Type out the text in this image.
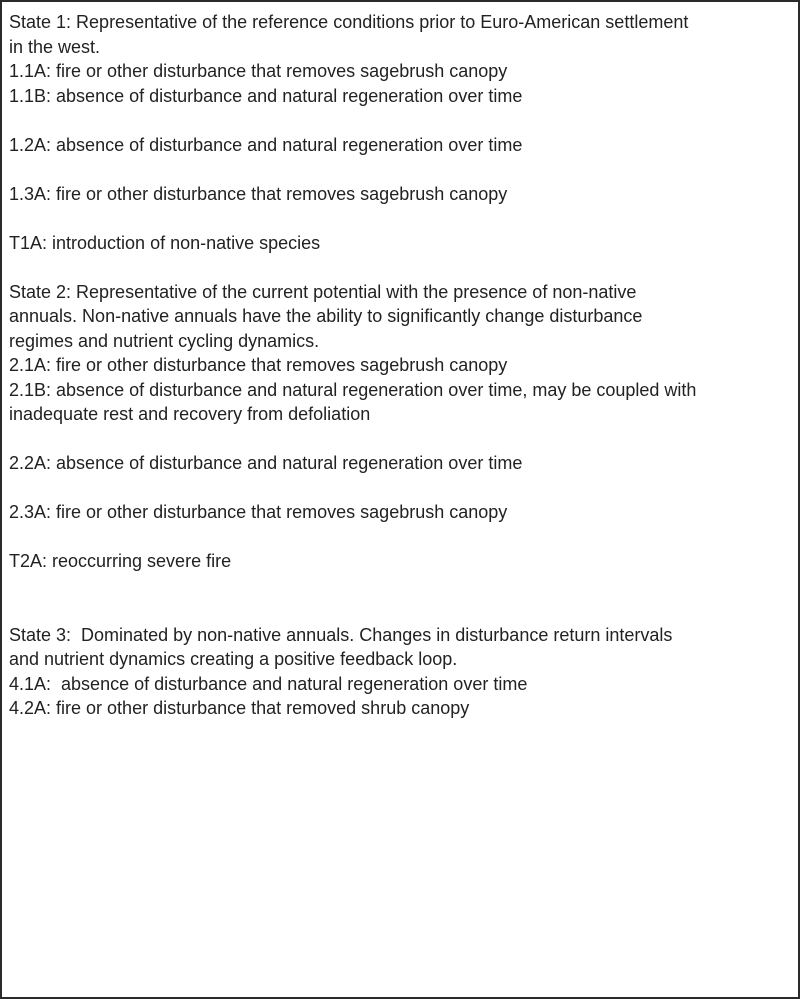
State 1: Representative of the reference conditions prior to Euro-American settlement

in the west.

1.1A: fire or other disturbance that removes sagebrush canopy

1.1B: absence of disturbance and natural regeneration over time

1.2A: absence of disturbance and natural regeneration over time

1.3A: fire or other disturbance that removes sagebrush canopy

T1A: introduction of non-native species

State 2: Representative of the current potential with the presence of non-native

annuals. Non-native annuals have the ability to significantly change disturbance

regimes and nutrient cycling dynamics.

2.1A: fire or other disturbance that removes sagebrush canopy

2.1B: absence of disturbance and natural regeneration over time, may be coupled with

inadequate rest and recovery from defoliation

2.2A: absence of disturbance and natural regeneration over time

2.3A: fire or other disturbance that removes sagebrush canopy

T2A: reoccurring severe fire

State 3:  Dominated by non-native annuals. Changes in disturbance return intervals

and nutrient dynamics creating a positive feedback loop.

4.1A:  absence of disturbance and natural regeneration over time

4.2A: fire or other disturbance that removed shrub canopy
